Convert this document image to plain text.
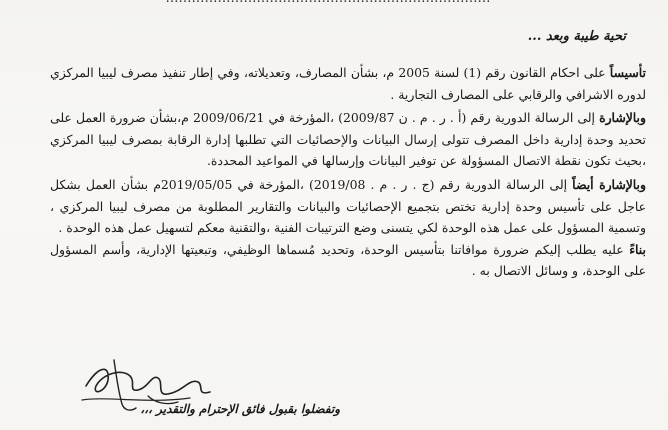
تحية طيبة وبعد ...

تأسيساً على احكام القانون رقم (1) لسنة 2005 م، بشأن المصارف، وتعديلاته، وفي إطار تنفيذ مصرف ليبيا المركزي لدوره الاشرافي والرقابي على المصارف التجارية .

وبالإشارة إلى الرسالة الدورية رقم (أ . ر . م . ن 2009/87) ،المؤرخة في 2009/06/21 م،بشأن ضرورة العمل على تحديد وحدة إدارية داخل المصرف تتولى إرسال البيانات والإحصائيات التي تطلبها إدارة الرقابة بمصرف ليبيا المركزي ،بحيث تكون نقطة الاتصال المسؤولة عن توفير البيانات وإرسالها في المواعيد المحددة.

وبالإشارة أيضاً إلى الرسالة الدورية رقم (ج . ر . م . 2019/08) ،المؤرخة في 2019/05/05م بشأن العمل بشكل عاجل على تأسيس وحدة إدارية تختص بتجميع الإحصائيات والبيانات والتقارير المطلوبة من مصرف ليبيا المركزي ، وتسمية المسؤول على عمل هذه الوحدة لكي يتسنى وضع الترتيبات الفنية ،والتقنية معكم لتسهيل عمل هذه الوحدة .

بناءً عليه يطلب إليكم ضرورة موافاتنا بتأسيس الوحدة، وتحديد مُسماها الوظيفي، وتبعيتها الإدارية، وأسم المسؤول على الوحدة، و وسائل الاتصال به .

وتفضلوا بقبول فائق الإحترام والتقدير ،،،
